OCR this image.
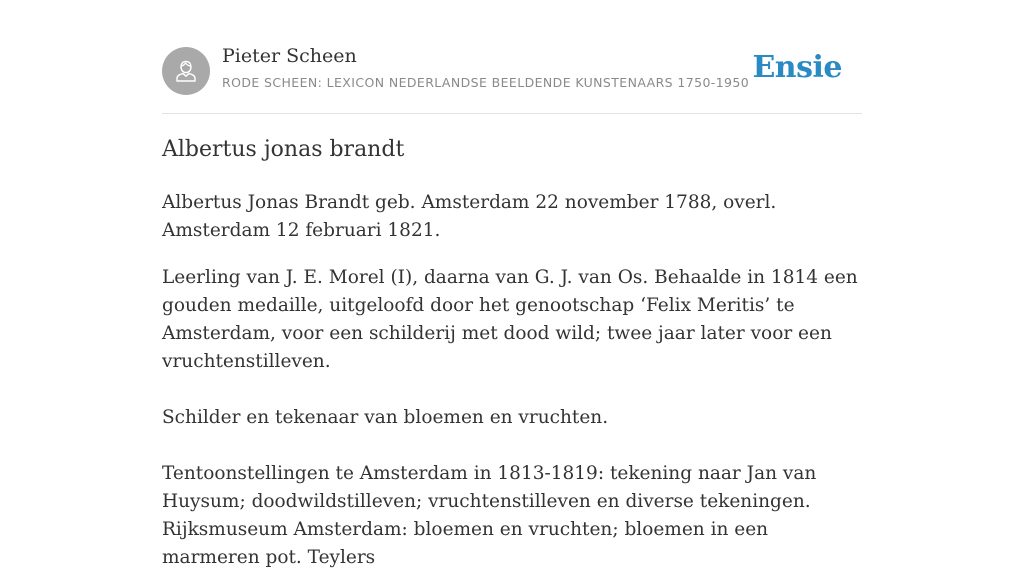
Pieter Scheen
RODE SCHEEN: LEXICON NEDERLANDSE BEELDENDE KUNSTENAARS 1750-1950 Ensie
Albertus jonas brandt

Albertus Jonas Brandt geb. Amsterdam 22 november 1788, overl. Amsterdam 12 februari 1821.

Leerling van J. E. Morel (I), daarna van G. J. van Os. Behaalde in 1814 een gouden medaille, uitgeloofd door het genootschap ‘Felix Meritis’ te Amsterdam, voor een schilderij met dood wild; twee jaar later voor een vruchtenstilleven.

Schilder en tekenaar van bloemen en vruchten.

Tentoonstellingen te Amsterdam in 1813-1819: tekening naar Jan van Huysum; doodwildstilleven; vruchtenstilleven en diverse tekeningen. Rijksmuseum Amsterdam: bloemen en vruchten; bloemen in een marmeren pot. Teylers
